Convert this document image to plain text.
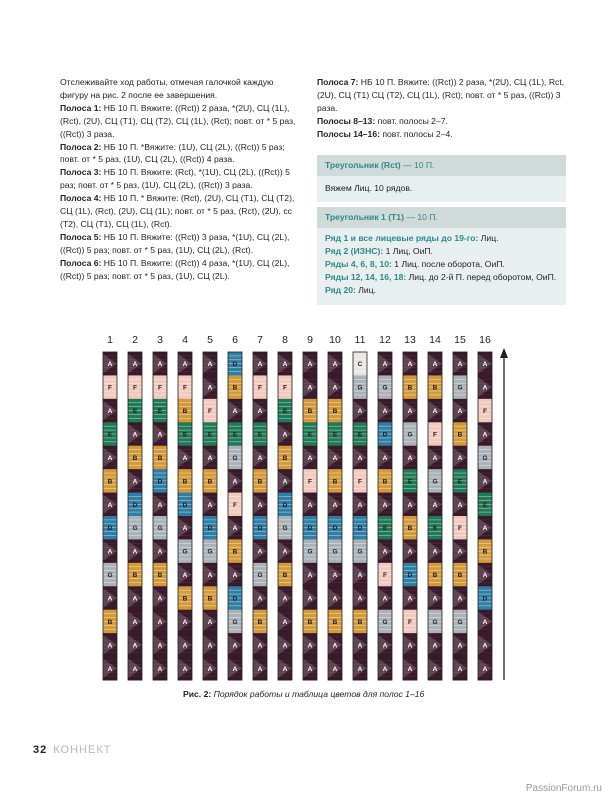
Отслеживайте ход работы, отмечая галочкой каждую фигуру на рис. 2 после ее завершения.

Полоса 1: НБ 10 П. Вяжите: ((Rct)) 2 раза, *(2U), СЦ (1L), (Rct), (2U), СЦ (T1), СЦ (T2), СЦ (1L), (Rct); повт. от * 5 раз, ((Rct)) 3 раза.

Полоса 2: НБ 10 П. *Вяжите: (1U), СЦ (2L), ((Rct)) 5 раз; повт. от * 5 раз, (1U), СЦ (2L), ((Rct)) 4 раза.

Полоса 3: НБ 10 П. Вяжите: (Rct), *(1U), СЦ (2L), ((Rct)) 5 раз; повт. от * 5 раз, (1U), СЦ (2L), ((Rct)) 3 раза.

Полоса 4: НБ 10 П. * Вяжите: (Rct), (2U), СЦ (T1), СЦ (T2), СЦ (1L), (Rct), (2U), СЦ (1L); повт. от * 5 раз, (Rct), (2U), сс (T2), СЦ (T1), СЦ (1L), (Rct).

Полоса 5: НБ 10 П. Вяжите: ((Rct)) 3 раза, *(1U), СЦ (2L), ((Rct)) 5 раз; повт. от * 5 раз, (1U), СЦ (2L), (Rct).

Полоса 6: НБ 10 П. Вяжите: ((Rct)) 4 раза, *(1U), СЦ (2L), ((Rct)) 5 раз; повт. от * 5 раз, (1U), СЦ (2L).

Полоса 7: НБ 10 П. Вяжите: ((Rct)) 2 раза, *(2U), СЦ (1L), Rct, (2U), СЦ (T1) СЦ (T2), СЦ (1L), (Rct); повт. от * 5 раз, ((Rct)) 3 раза.

Полосы 8–13: повт. полосы 2–7.

Полосы 14–16: повт. полосы 2–4.

Треугольник (Rct) — 10 П.
Вяжем Лиц. 10 рядов.
Треугольник 1 (T1) — 10 П.
Ряд 1 и все лицевые ряды до 19-го: Лиц.
Ряд 2 (ИЗНС): 1 Лиц, ОиП.
Ряды 4, 6, 8, 10: 1 Лиц. после оборота, ОиП.
Ряды 12, 14, 16, 18: Лиц. до 2-й П. перед оборотом, ОиП.
Ряд 20: Лиц.
1
A
F
A
E
A
B
A
D
A
G
A
B
A
A
2
A
F
E
A
B
A
D
G
A
B
A
A
A
A
3
A
F
E
A
B
D
A
G
A
B
A
A
A
A
4
A
F
B
E
A
B
D
A
G
A
B
A
A
A
5
A
A
F
E
A
B
A
D
G
A
B
A
A
A
6
D
B
A
E
G
A
F
A
B
A
D
G
A
A
7
A
F
A
E
A
B
A
D
A
G
A
B
A
A
8
A
F
E
A
B
A
D
G
A
B
A
A
A
A
9
A
A
B
E
A
F
A
D
G
A
A
B
A
A
10
A
A
B
E
A
B
A
D
G
A
A
B
A
A
11
C
G
A
E
A
F
A
D
G
A
A
B
A
A
12
A
G
A
D
A
B
A
E
A
F
A
G
A
A
13
A
B
A
G
A
E
A
B
A
D
A
F
A
A
14
A
B
A
F
A
G
A
E
A
B
A
G
A
A
15
A
G
A
B
A
E
A
F
A
B
A
G
A
A
16
A
A
F
A
G
A
E
A
B
A
D
A
A
A
Рис. 2: Порядок работы и таблица цветов для полос 1–16
32 КОННЕКТ
PassionForum.ru
